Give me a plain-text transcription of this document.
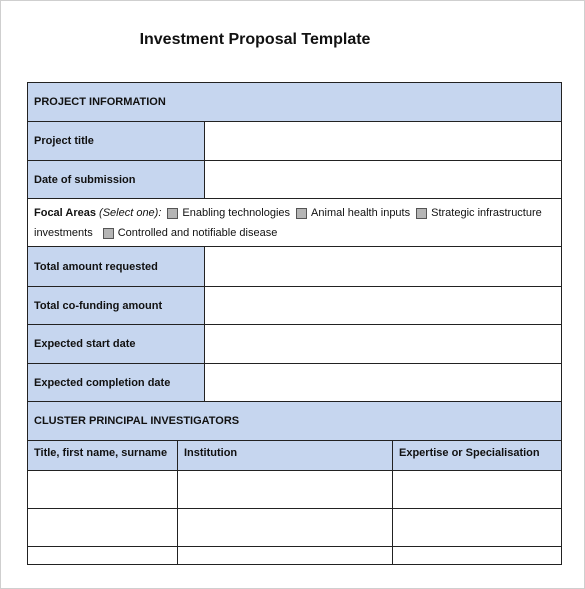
Investment Proposal Template
PROJECT INFORMATION
Project title
Date of submission
Focal Areas
(Select one): Enabling technologies Animal health inputs Strategic infrastructure
investments Controlled and notifiable disease
Total amount requested
Total co-funding amount
Expected start date
Expected completion date
CLUSTER PRINCIPAL INVESTIGATORS
Title, first name, surname	Institution	Expertise or Specialisation
